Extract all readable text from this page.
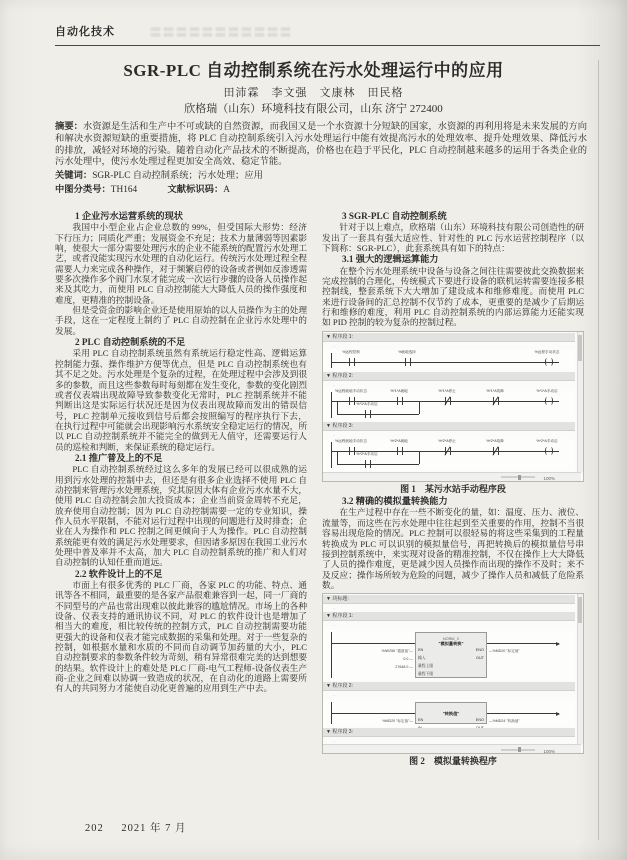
〓〓〓〓〓〓〓〓〓〓〓
自动化技术
SGR-PLC 自动控制系统在污水处理运行中的应用
田沛霖　李文强　文康林　田民格
欣格瑞（山东）环境科技有限公司，山东 济宁 272400
摘要：水资源是生活和生产中不可或缺的自然资源，而我国又是一个水资源十分短缺的国家，水资源的再利用将是未来发展的方向和解决水资源短缺的重要措施，将 PLC 自动控制系统引入污水处理运行中能有效提高污水的处理效率、提升处理效果、降低污水的排放，减轻对环境的污染。随着自动化产品技术的不断提高，价格也在趋于平民化，PLC 自动控制越来越多的运用于各类企业的污水处理中，使污水处理过程更加安全高效、稳定节能。
关键词：SGR-PLC 自动控制系统；污水处理；应用
中图分类号：TH164	文献标识码：A
1 企业污水运营系统的现状

我国中小型企业占企业总数的 99%，但受国际大形势：经济下行压力；同质化严重；发展资金不充足；技术力量薄弱等因素影响，使很大一部分需要处理污水的企业不能系统的配置污水处理工艺，或者没能实现污水处理的自动化运行。传统污水处理过程全程需要人力来完成各种操作，对于频繁启停的设备或者例如反渗透需要多次操作多个阀门水泵才能完成一次运行步骤的设备人员操作起来及其吃力，而使用 PLC 自动控制能大大降低人员的操作强度和难度，更精准的控制设备。

但是受资金的影响企业还是使用原始的以人员操作为主的处理手段，这在一定程度上制约了 PLC 自动控制在企业污水处理中的发展。

2 PLC 自动控制系统的不足

采用 PLC 自动控制系统虽然有系统运行稳定性高、逻辑运算控制能力强、操作维护方便等优点，但是 PLC 自动控制系统也有其不足之处。污水处理是个复杂的过程，在处理过程中会涉及到很多的参数，而且这些参数每时每刻都在发生变化，参数的变化剧烈或者仪表端出现故障导致参数变化无常时，PLC 控制系统并不能判断出这是实际运行状况还是因为仪表出现故障而发出的错误信号，PLC 控制单元接收到信号后都会按照编写的程序执行下去，在执行过程中可能就会出现影响污水系统安全稳定运行的情况，所以 PLC 自动控制系统并不能完全的做到无人值守，还需要运行人员的巡检和判断，来保证系统的稳定运行。

2.1 推广普及上的不足

PLC 自动控制系统经过这么多年的发展已经可以很成熟的运用到污水处理的控制中去，但还是有很多企业选择不使用 PLC 自动控制来管理污水处理系统，究其原因大体有企业污水水量不大，使用 PLC 自动控制会加大投资成本；企业当前资金周转不充足，放弃使用自动控制；因为 PLC 自动控制需要一定的专业知识，操作人员水平限制，不能对运行过程中出现的问题进行及时排查；企业在人为操作和 PLC 控制之间更倾向于人为操作。PLC 自动控制系统能更有效的满足污水处理要求，但因诸多原因在我国工业污水处理中普及率并不太高，加大 PLC 自动控制系统的推广和人们对自动控制的认知任重而道远。

2.2 软件设计上的不足

市面上有很多优秀的 PLC 厂商，各家 PLC 的功能、特点、通讯等各不相同，最重要的是各家产品很难兼容到一起，同一厂商的不同型号的产品也常出现难以彼此兼容的尴尬情况。市场上的各种设备、仪表支持的通讯协议不同，对 PLC 的软件设计也是增加了相当大的难度，相比较传统的控制方式，PLC 自动控制需要功能更强大的设备和仪表才能完成数据的采集和处理。对于一些复杂的控制，如根据水量和水质的不同而自动调节加药量的大小，PLC 自动控制要求的参数条件较为苛刻，稍有异常很难完美的达到想要的结果。软件设计上的难处是 PLC 厂商-电气工程师-设备仪表生产商-企业之间难以协调一致造成的状况，在自动化的道路上需要所有人的共同努力才能使自动化更普遍的应用到生产中去。

3 SGR-PLC 自动控制系统

针对于以上难点，欣格瑞（山东）环境科技有限公司创造性的研发出了一套具有强大适应性、针对性的 PLC 污水运营控制程序（以下简称：SGR-PLC），此套系统具有如下的特点：

3.1 强大的逻辑运算能力

在整个污水处理系统中设备与设备之间往往需要彼此交换数据来完成控制的合理化，传统模式下要进行设备的联机运转需要连接多根控制线，整套系统下大大增加了建设成本和维修难度。而使用 PLC 来进行设备间的汇总控制不仅节约了成本，更重要的是减少了后期运行和维修的难度，利用 PLC 自动控制系统的内部运算能力还能实现如 PID 控制的较为复杂的控制过程。

▼ 程序段 1:
..
%远程控制	%就地选择	%远程手动状态
▼ 程序段 2:
..
%远程就地手动状态	%*1*A就地	%*1*A停止	%*1*A故障	%*1*A手动启
%*1*A手动启
▼ 程序段 3:
..
%远程就地手动状态	%*2*A就地	%*2*A停止	%*2*A故障	%*2*A手动启
%*2*A手动启
100%
图 1　某污水站手动程序段
3.2 精确的模拟量转换能力

在生产过程中存在一些不断变化的量，如：温度、压力、液位、流量等，而这些在污水处理中往往起到至关重要的作用，控制不当很容易出现危险的情况。PLC 控制可以很轻易的将这些采集到的工程量转换成为 PLC 可以识别的模拟量信号，再把转换后的模拟量信号串接到控制系统中，来实现对设备的精准控制，不仅在操作上大大降低了人员的操作难度，更是减少因人员操作而出现的操作不及时；来不及反应；操作场所较为危险的问题，减少了操作人员和减低了危险系数。

▼ 块标题:
..
▼ 程序段 1:
..
NORM_X
"模拟量转换"
EN
输入
量程上限
量程下限
ENO
OUT
%IW256 "通道值"—
0.0 —
27648.0 —
—%MD20 "标定值"
▼ 程序段 2:
..
"转换值"
EN	ENO
%MD20 "标定值"—	—%MD24 "转换值"
▼ 程序段 3:
..
100%
图 2　模拟量转换程序
202 2021 年 7 月
